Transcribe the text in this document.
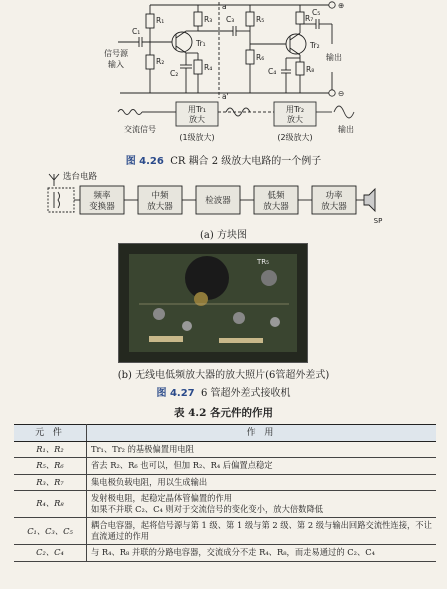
R₁
R₂
R₃
R₄
R₅
R₆
R₇
R₈
C₁
C₂
C₃
C₄
C₅
Tr₁	Tr₂
a
a'
⊕
⊖
信号源
输入
输出
交流信号
用Tr₁
放大
(1级放大)
用Tr₂
放大
(2级放大)
输出
图 4.26 CR 耦合 2 级放大电路的一个例子
选台电路
频率
变换器
中频
放大器
检波器	低频
放大器
功率
放大器
SP
(a) 方块图
TR₅
(b) 无线电低频放大器的放大照片(6管超外差式)
图 4.27 6 管超外差式接收机
表 4.2 各元件的作用
元 件	作 用
R₁、R₂	Tr₁、Tr₂ 的基极偏置用电阻
R₅、R₆	省去 R₂、R₆ 也可以，但加 R₂、R₄ 后偏置点稳定
R₃、R₇	集电极负载电阻，用以生成输出
R₄、R₈	发射极电阻，起稳定晶体管偏置的作用
如果不并联 C₂、C₄ 则对于交流信号的变化变小，放大倍数降低

C₁、C₃、C₅	耦合电容器，起将信号源与第 1 级、第 1 级与第 2 级、第 2 级与输出回路交流性连接，不让直流通过的作用
C₂、C₄	与 R₄、R₈ 并联的分路电容器，交流成分不走 R₄、R₈，而走易通过的 C₂、C₄
